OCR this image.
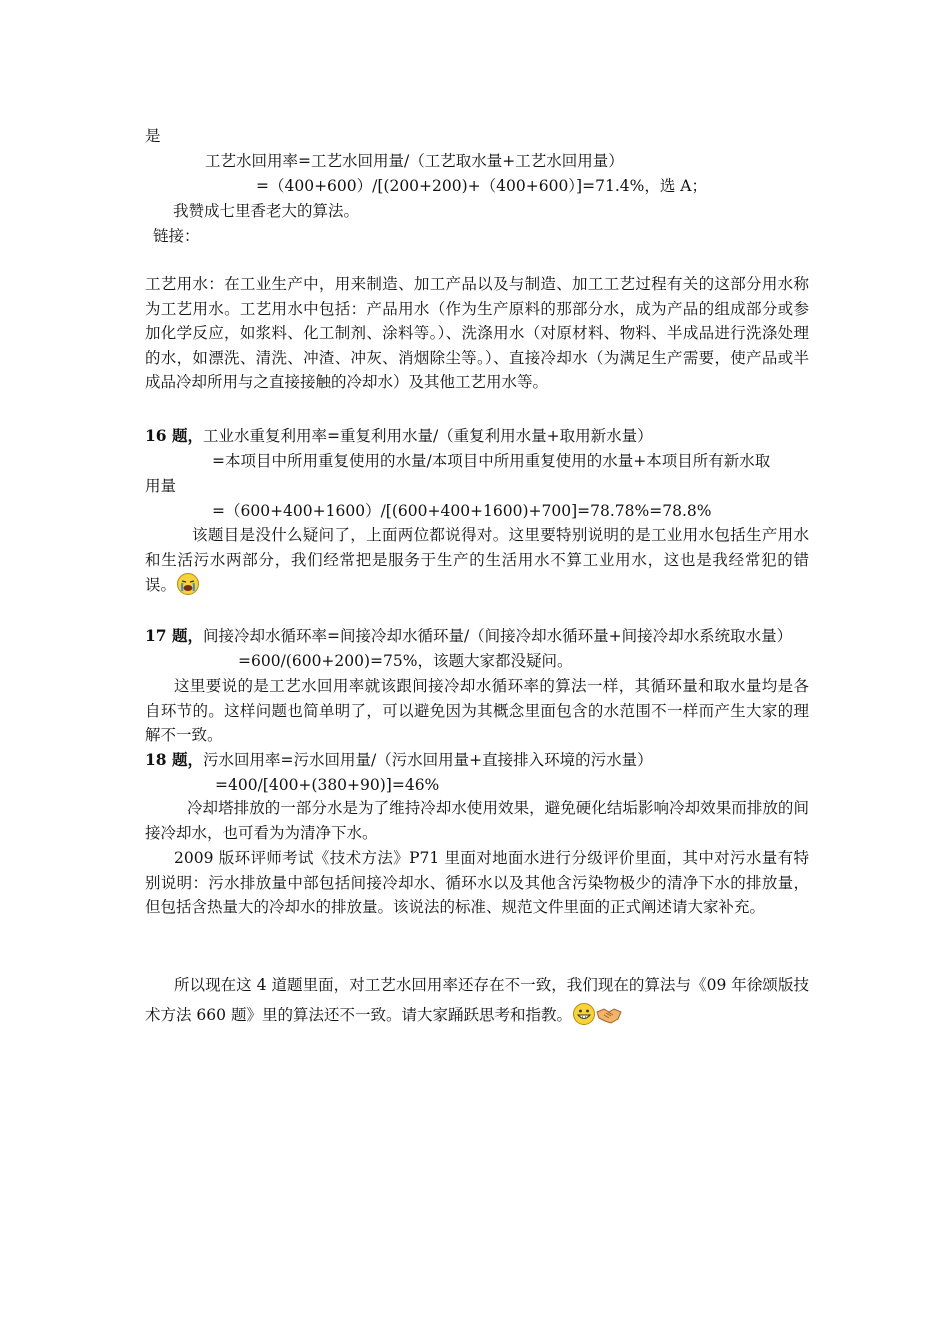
是
工艺水回用率=工艺水回用量/（工艺取水量+工艺水回用量）
=（400+600）/[(200+200)+（400+600）]=71.4%，选 A；
我赞成七里香老大的算法。
链接：
工艺用水：在工业生产中，用来制造、加工产品以及与制造、加工工艺过程有关的这部分用水称为工艺用水。工艺用水中包括：产品用水（作为生产原料的那部分水，成为产品的组成部分或参加化学反应，如浆料、化工制剂、涂料等。）、洗涤用水（对原材料、物料、半成品进行洗涤处理的水，如漂洗、清洗、冲渣、冲灰、消烟除尘等。）、直接冷却水（为满足生产需要，使产品或半成品冷却所用与之直接接触的冷却水）及其他工艺用水等。
16 题，工业水重复利用率=重复利用水量/（重复利用水量+取用新水量）
=本项目中所用重复使用的水量/本项目中所用重复使用的水量+本项目所有新水取
用量
=（600+400+1600）/[(600+400+1600)+700]=78.78%=78.8%
该题目是没什么疑问了，上面两位都说得对。这里要特别说明的是工业用水包括生产用水和生活污水两部分，我们经常把是服务于生产的生活用水不算工业用水，这也是我经常犯的错误。
17 题，间接冷却水循环率=间接冷却水循环量/（间接冷却水循环量+间接冷却水系统取水量）
=600/(600+200)=75%，该题大家都没疑问。
这里要说的是工艺水回用率就该跟间接冷却水循环率的算法一样，其循环量和取水量均是各自环节的。这样问题也简单明了，可以避免因为其概念里面包含的水范围不一样而产生大家的理解不一致。
18 题，污水回用率=污水回用量/（污水回用量+直接排入环境的污水量）
=400/[400+(380+90)]=46%
冷却塔排放的一部分水是为了维持冷却水使用效果，避免硬化结垢影响冷却效果而排放的间接冷却水，也可看为为清净下水。
2009 版环评师考试《技术方法》P71 里面对地面水进行分级评价里面，其中对污水量有特别说明：污水排放量中部包括间接冷却水、循环水以及其他含污染物极少的清净下水的排放量，但包括含热量大的冷却水的排放量。该说法的标准、规范文件里面的正式阐述请大家补充。
所以现在这 4 道题里面，对工艺水回用率还存在不一致，我们现在的算法与《09 年徐颂版技术方法 660 题》里的算法还不一致。请大家踊跃思考和指教。
